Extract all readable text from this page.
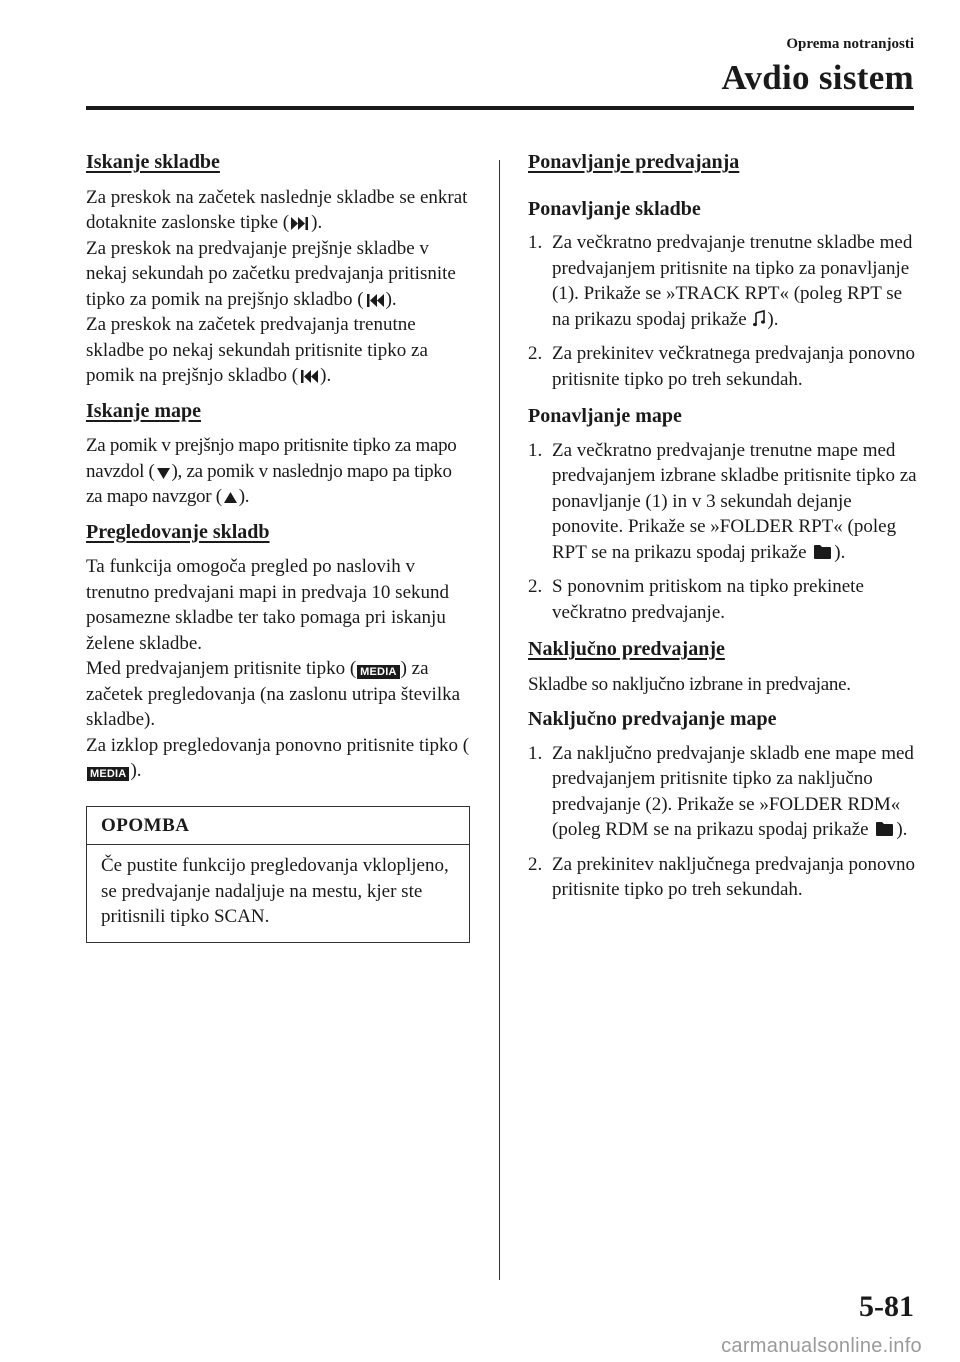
Oprema notranjosti
Avdio sistem
Iskanje skladbe

Za preskok na začetek naslednje skladbe se enkrat dotaknite zaslonske tipke ( ).
Za preskok na predvajanje prejšnje skladbe v nekaj sekundah po začetku predvajanja pritisnite tipko za pomik na prejšnjo skladbo ( ).
Za preskok na začetek predvajanja trenutne skladbe po nekaj sekundah pritisnite tipko za pomik na prejšnjo skladbo ( ).

Iskanje mape

Za pomik v prejšnjo mapo pritisnite tipko za mapo navzdol ( ), za pomik v naslednjo mapo pa tipko za mapo navzgor ( ).

Pregledovanje skladb

Ta funkcija omogoča pregled po naslovih v trenutno predvajani mapi in predvaja 10 sekund posamezne skladbe ter tako pomaga pri iskanju želene skladbe.
Med predvajanjem pritisnite tipko ( MEDIA ) za začetek pregledovanja (na zaslonu utripa številka skladbe).
Za izklop pregledovanja ponovno pritisnite tipko (MEDIA ).

OPOMBA
Če pustite funkcijo pregledovanja vklopljeno, se predvajanje nadaljuje na mestu, kjer ste pritisnili tipko SCAN.
Ponavljanje predvajanja
Ponavljanje skladbe
1. Za večkratno predvajanje trenutne skladbe med predvajanjem pritisnite na tipko za ponavljanje (1). Prikaže se »TRACK RPT« (poleg RPT se na prikazu spodaj prikaže ).
2. Za prekinitev večkratnega predvajanja ponovno pritisnite tipko po treh sekundah.
Ponavljanje mape
1. Za večkratno predvajanje trenutne mape med predvajanjem izbrane skladbe pritisnite tipko za ponavljanje (1) in v 3 sekundah dejanje ponovite. Prikaže se »FOLDER RPT« (poleg RPT se na prikazu spodaj prikaže ).
2. S ponovnim pritiskom na tipko prekinete večkratno predvajanje.
Naključno predvajanje

Skladbe so naključno izbrane in predvajane.

Naključno predvajanje mape
1. Za naključno predvajanje skladb ene mape med predvajanjem pritisnite tipko za naključno predvajanje (2). Prikaže se »FOLDER RDM« (poleg RDM se na prikazu spodaj prikaže ).
2. Za prekinitev naključnega predvajanja ponovno pritisnite tipko po treh sekundah.
5-81
carmanualsonline.info
